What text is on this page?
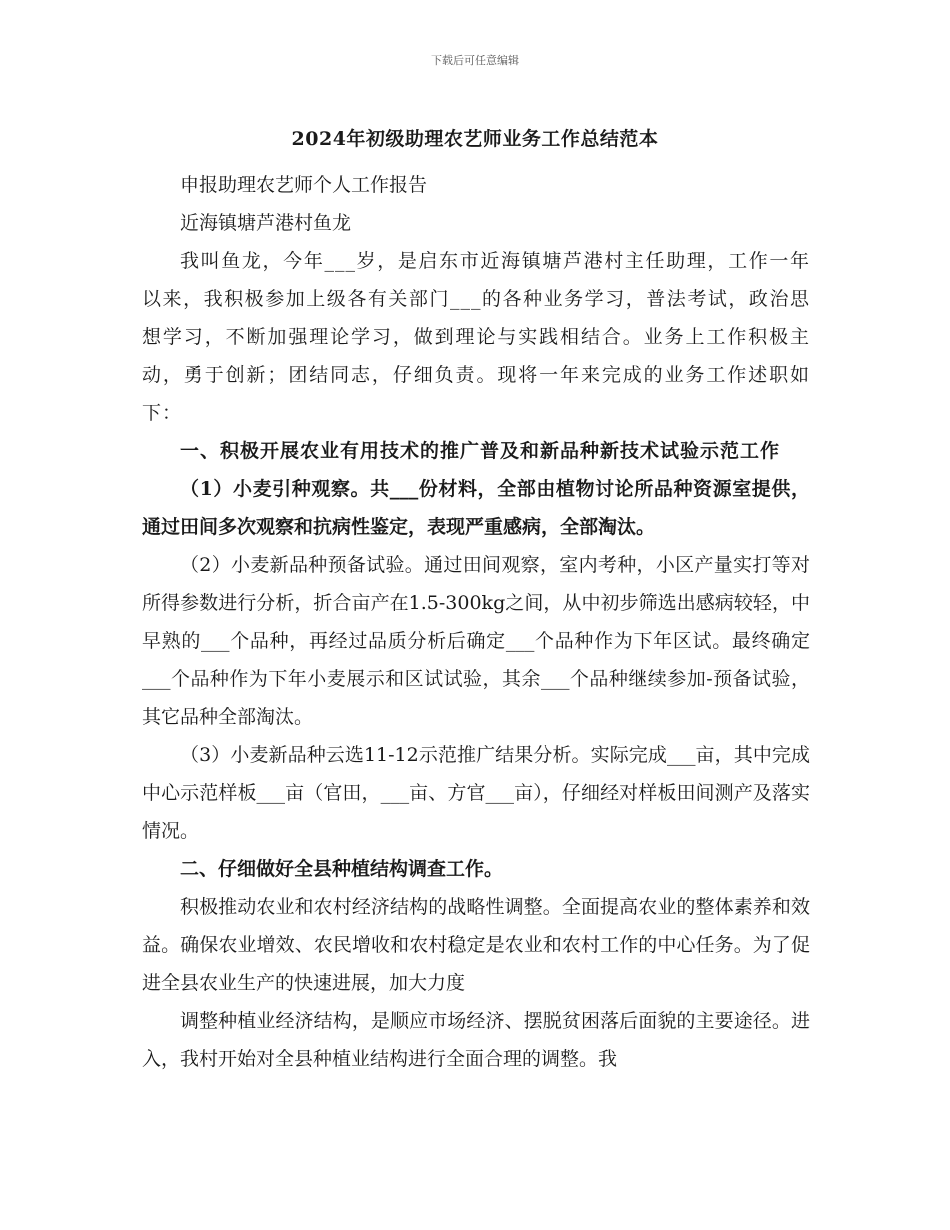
下载后可任意编辑
2024年初级助理农艺师业务工作总结范本

申报助理农艺师个人工作报告

近海镇塘芦港村鱼龙

我叫鱼龙，今年___岁，是启东市近海镇塘芦港村主任助理，工作一年以来，我积极参加上级各有关部门___的各种业务学习，普法考试，政治思想学习，不断加强理论学习，做到理论与实践相结合。业务上工作积极主动，勇于创新；团结同志，仔细负责。现将一年来完成的业务工作述职如下：

一、积极开展农业有用技术的推广普及和新品种新技术试验示范工作

（1）小麦引种观察。共___份材料，全部由植物讨论所品种资源室提供，通过田间多次观察和抗病性鉴定，表现严重感病，全部淘汰。

（2）小麦新品种预备试验。通过田间观察，室内考种，小区产量实打等对所得参数进行分析，折合亩产在1.5-300kg之间，从中初步筛选出感病较轻，中早熟的___个品种，再经过品质分析后确定___个品种作为下年区试。最终确定___个品种作为下年小麦展示和区试试验，其余___个品种继续参加-预备试验，其它品种全部淘汰。

（3）小麦新品种云选11-12示范推广结果分析。实际完成___亩，其中完成中心示范样板___亩（官田，___亩、方官___亩），仔细经对样板田间测产及落实情况。

二、仔细做好全县种植结构调查工作。

积极推动农业和农村经济结构的战略性调整。全面提高农业的整体素养和效益。确保农业增效、农民增收和农村稳定是农业和农村工作的中心任务。为了促进全县农业生产的快速进展，加大力度

调整种植业经济结构，是顺应市场经济、摆脱贫困落后面貌的主要途径。进入，我村开始对全县种植业结构进行全面合理的调整。我
